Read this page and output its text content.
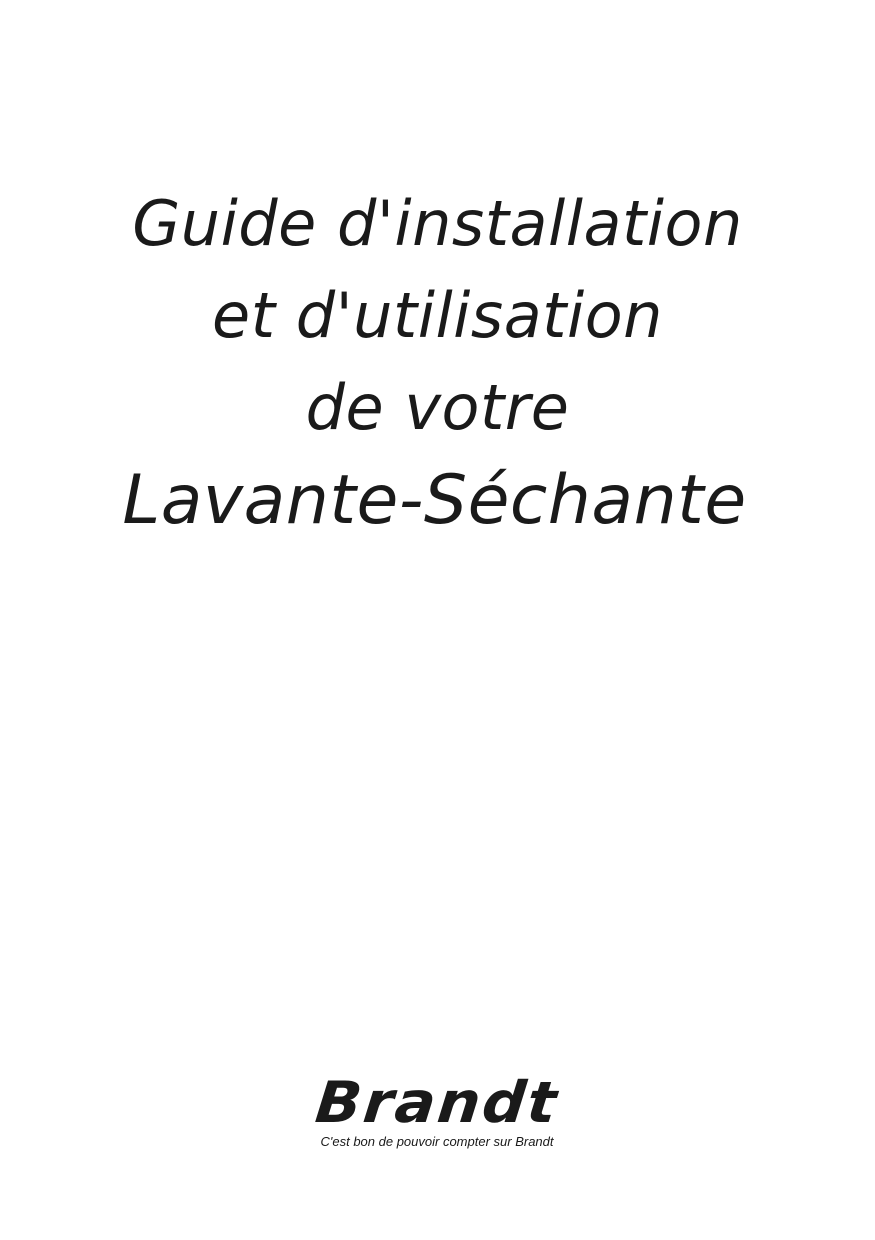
Guide d'installation
et d'utilisation
de votre
Lavante-Séchante
Brandt
C'est bon de pouvoir compter sur Brandt
